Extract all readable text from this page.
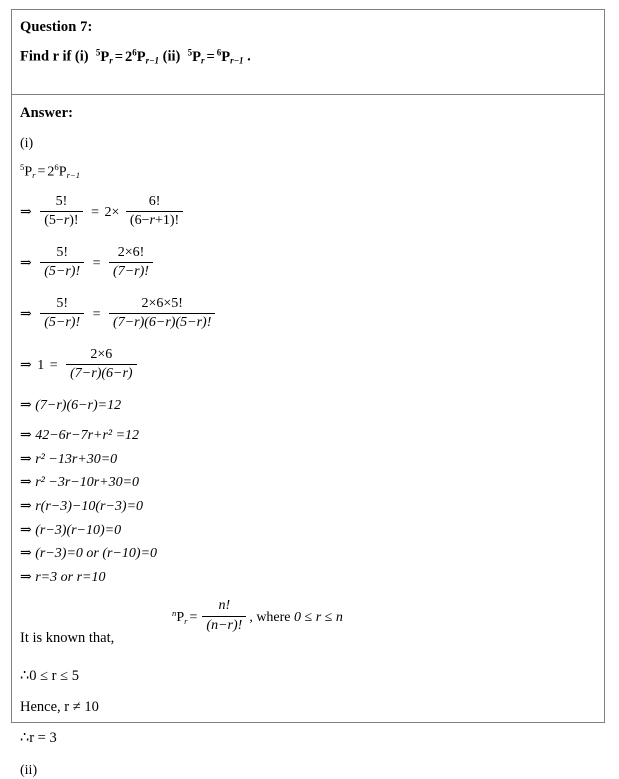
Question 7:
Find r if (i) $^5P_r = 2^6P_{r-1}$ (ii) $^5P_r = ^6P_{r-1}$ .
Answer:
(i)
$^5P_r = 2^6P_{r-1}$
⇒ $\frac{5!}{(5-r)!} = 2\times \frac{6!}{(6-r+1)!}$
⇒ $\frac{5!}{(5-r)!} = \frac{2\times 6!}{(7-r)!}$
⇒ $\frac{5!}{(5-r)!} = \frac{2\times 6\times 5!}{(7-r)(6-r)(5-r)!}$
⇒ $1 = \frac{2\times 6}{(7-r)(6-r)}$
⇒ (7−r)(6−r)=12
⇒ 42−6r−7r+r² =12
⇒ r² −13r+30=0
⇒ r² −3r−10r+30=0
⇒ r(r−3)−10(r−3)=0
⇒ (r−3)(r−10)=0
⇒ (r−3)=0 or (r−10)=0
⇒ r=3 or r=10
$^nP_r = \frac{n!}{(n-r)!}$ , where 0 ≤ r ≤ n
It is known that,
∴0 ≤ r ≤ 5
Hence, r ≠ 10
∴r = 3
(ii)
